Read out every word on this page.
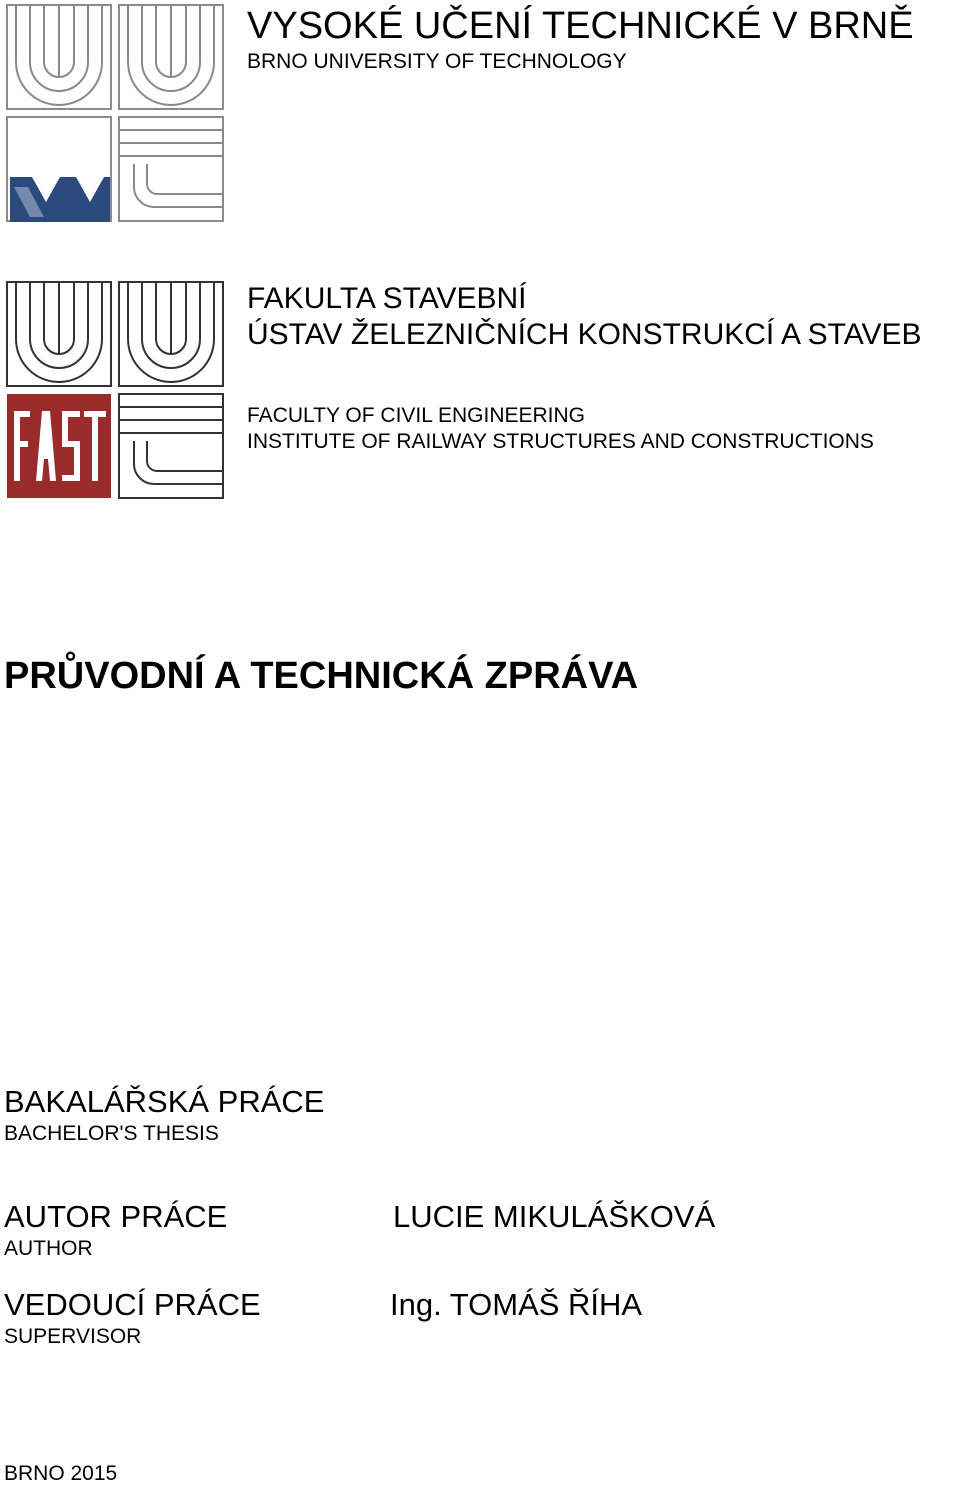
VYSOKÉ UČENÍ TECHNICKÉ V BRNĚ
BRNO UNIVERSITY OF TECHNOLOGY
FAKULTA STAVEBNÍ
ÚSTAV ŽELEZNIČNÍCH KONSTRUKCÍ A STAVEB
FACULTY OF CIVIL ENGINEERING
INSTITUTE OF RAILWAY STRUCTURES AND CONSTRUCTIONS
PRŮVODNÍ A TECHNICKÁ ZPRÁVA
BAKALÁŘSKÁ PRÁCE
BACHELOR'S THESIS
AUTOR PRÁCE
AUTHOR
LUCIE MIKULÁŠKOVÁ
VEDOUCÍ PRÁCE
SUPERVISOR
Ing. TOMÁŠ ŘÍHA
BRNO 2015
